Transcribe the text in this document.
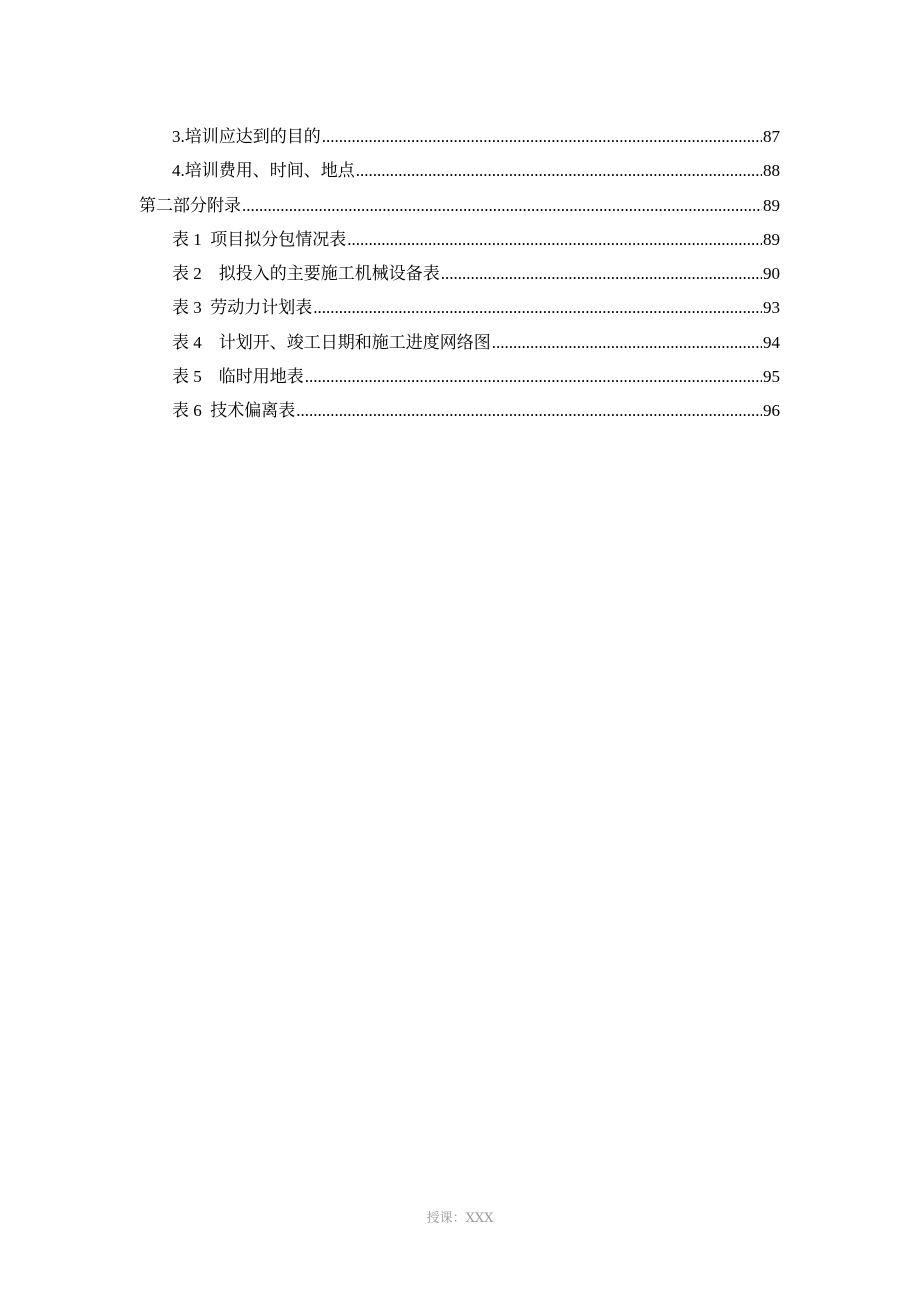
3.培训应达到的目的 .....	87
4.培训费用、时间、地点 .....	88
第二部分附录 .....	89
表 1  项目拟分包情况表 .....	89
表 2    拟投入的主要施工机械设备表 .....	90
表 3  劳动力计划表 .....	93
表 4    计划开、竣工日期和施工进度网络图 .....	94
表 5    临时用地表 .....	95
表 6  技术偏离表 .....	96
授课：XXX
